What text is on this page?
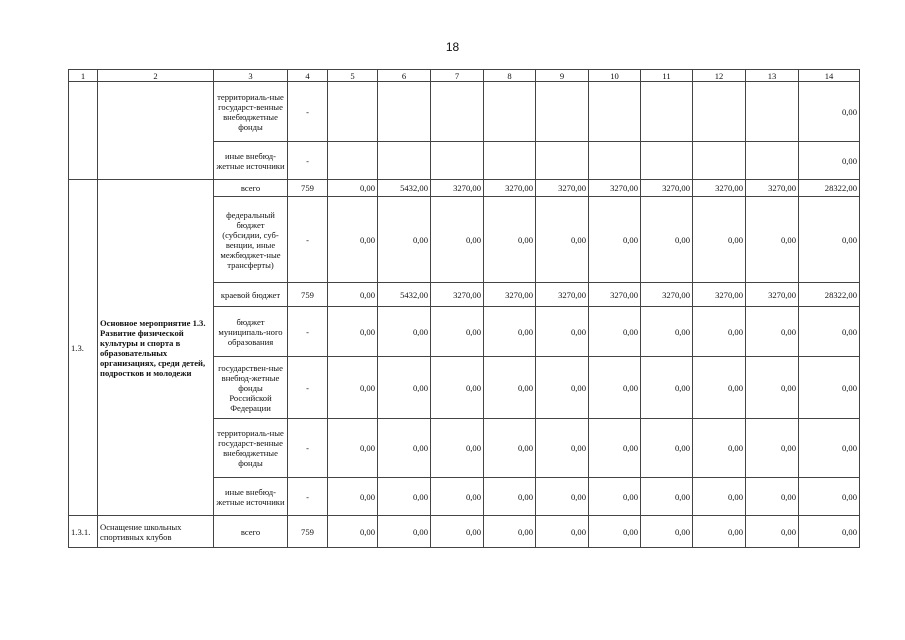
18
1	2	3	4	5	6	7	8	9	10	11	12	13	14
		территориаль-ные государст-венные внебюджетные фонды	-										0,00
		иные внебюд-жетные источники	-										0,00
1.3.	Основное мероприятие 1.3. Развитие физической культуры и спорта в образовательных организациях, среди детей, подростков и молодежи	всего	759	0,00	5432,00	3270,00	3270,00	3270,00	3270,00	3270,00	3270,00	3270,00	28322,00
		федеральный бюджет (субсидии, суб-венции, иные межбюджет-ные трансферты)	-	0,00	0,00	0,00	0,00	0,00	0,00	0,00	0,00	0,00	0,00
		краевой бюджет	759	0,00	5432,00	3270,00	3270,00	3270,00	3270,00	3270,00	3270,00	3270,00	28322,00
		бюджет муниципаль-ного образования	-	0,00	0,00	0,00	0,00	0,00	0,00	0,00	0,00	0,00	0,00
		государствен-ные внебюд-жетные фонды Российской Федерации	-	0,00	0,00	0,00	0,00	0,00	0,00	0,00	0,00	0,00	0,00
		территориаль-ные государст-венные внебюджетные фонды	-	0,00	0,00	0,00	0,00	0,00	0,00	0,00	0,00	0,00	0,00
		иные внебюд-жетные источники	-	0,00	0,00	0,00	0,00	0,00	0,00	0,00	0,00	0,00	0,00
1.3.1.	Оснащение школьных спортивных клубов	всего	759	0,00	0,00	0,00	0,00	0,00	0,00	0,00	0,00	0,00	0,00
